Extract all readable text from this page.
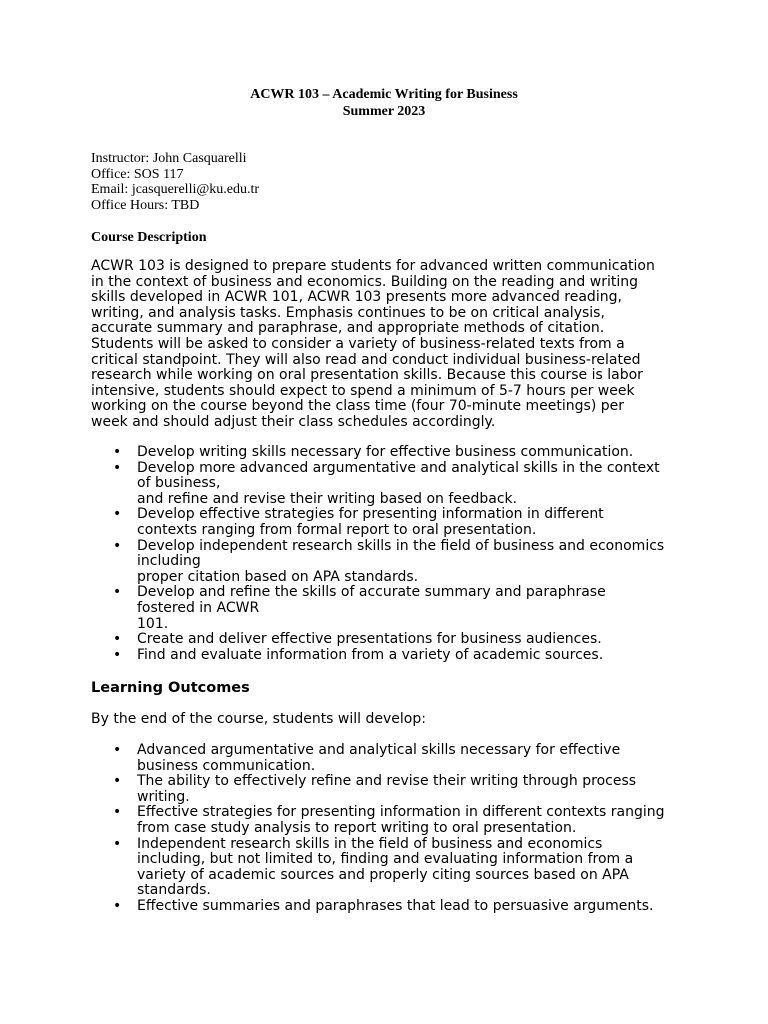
ACWR 103 – Academic Writing for Business
Summer 2023
Instructor: John Casquarelli
Office: SOS 117
Email: jcasquerelli@ku.edu.tr
Office Hours: TBD
Course Description

ACWR 103 is designed to prepare students for advanced written communication
in the context of business and economics. Building on the reading and writing
skills developed in ACWR 101, ACWR 103 presents more advanced reading,
writing, and analysis tasks. Emphasis continues to be on critical analysis,
accurate summary and paraphrase, and appropriate methods of citation.
Students will be asked to consider a variety of business-related texts from a
critical standpoint. They will also read and conduct individual business-related
research while working on oral presentation skills. Because this course is labor
intensive, students should expect to spend a minimum of 5-7 hours per week
working on the course beyond the class time (four 70-minute meetings) per
week and should adjust their class schedules accordingly.

• Develop writing skills necessary for effective business communication.
• Develop more advanced argumentative and analytical skills in the context
of business,
and refine and revise their writing based on feedback.
• Develop effective strategies for presenting information in different
contexts ranging from formal report to oral presentation.
• Develop independent research skills in the field of business and economics
including
proper citation based on APA standards.
• Develop and refine the skills of accurate summary and paraphrase
fostered in ACWR
101.
• Create and deliver effective presentations for business audiences.
• Find and evaluate information from a variety of academic sources.
Learning Outcomes
By the end of the course, students will develop:
• Advanced argumentative and analytical skills necessary for effective
business communication.
• The ability to effectively refine and revise their writing through process
writing.
• Effective strategies for presenting information in different contexts ranging
from case study analysis to report writing to oral presentation.
• Independent research skills in the field of business and economics
including, but not limited to, finding and evaluating information from a
variety of academic sources and properly citing sources based on APA
standards.
• Effective summaries and paraphrases that lead to persuasive arguments.
